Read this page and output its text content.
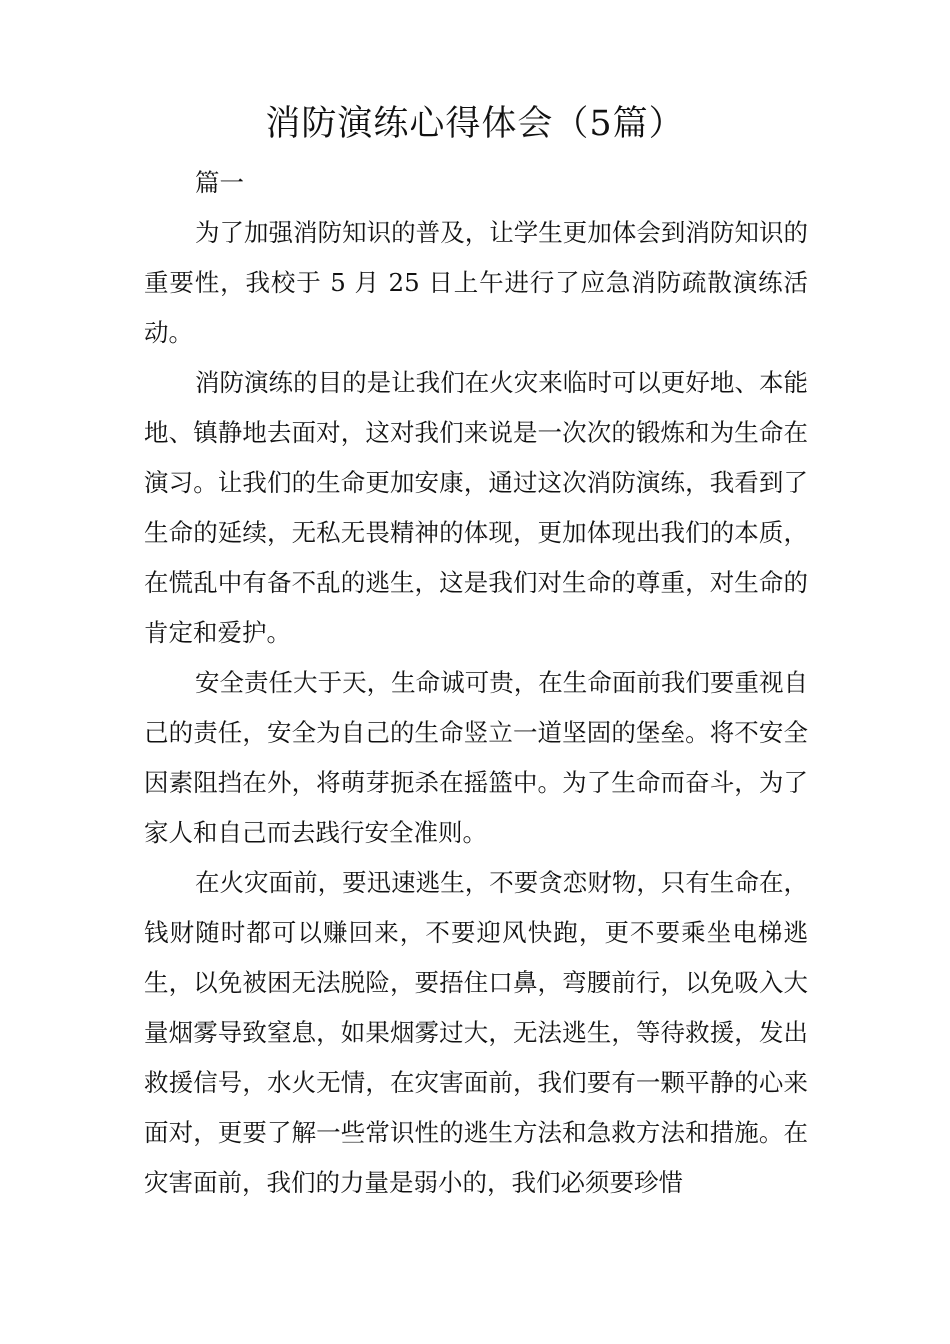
消防演练心得体会（5篇）

篇一

为了加强消防知识的普及，让学生更加体会到消防知识的重要性，我校于 5 月 25 日上午进行了应急消防疏散演练活动。

消防演练的目的是让我们在火灾来临时可以更好地、本能地、镇静地去面对，这对我们来说是一次次的锻炼和为生命在演习。让我们的生命更加安康，通过这次消防演练，我看到了生命的延续，无私无畏精神的体现，更加体现出我们的本质，在慌乱中有备不乱的逃生，这是我们对生命的尊重，对生命的肯定和爱护。

安全责任大于天，生命诚可贵，在生命面前我们要重视自己的责任，安全为自己的生命竖立一道坚固的堡垒。将不安全因素阻挡在外，将萌芽扼杀在摇篮中。为了生命而奋斗，为了家人和自己而去践行安全准则。

在火灾面前，要迅速逃生，不要贪恋财物，只有生命在，钱财随时都可以赚回来，不要迎风快跑，更不要乘坐电梯逃生，以免被困无法脱险，要捂住口鼻，弯腰前行，以免吸入大量烟雾导致窒息，如果烟雾过大，无法逃生，等待救援，发出救援信号，水火无情，在灾害面前，我们要有一颗平静的心来面对，更要了解一些常识性的逃生方法和急救方法和措施。在灾害面前，我们的力量是弱小的，我们必须要珍惜
